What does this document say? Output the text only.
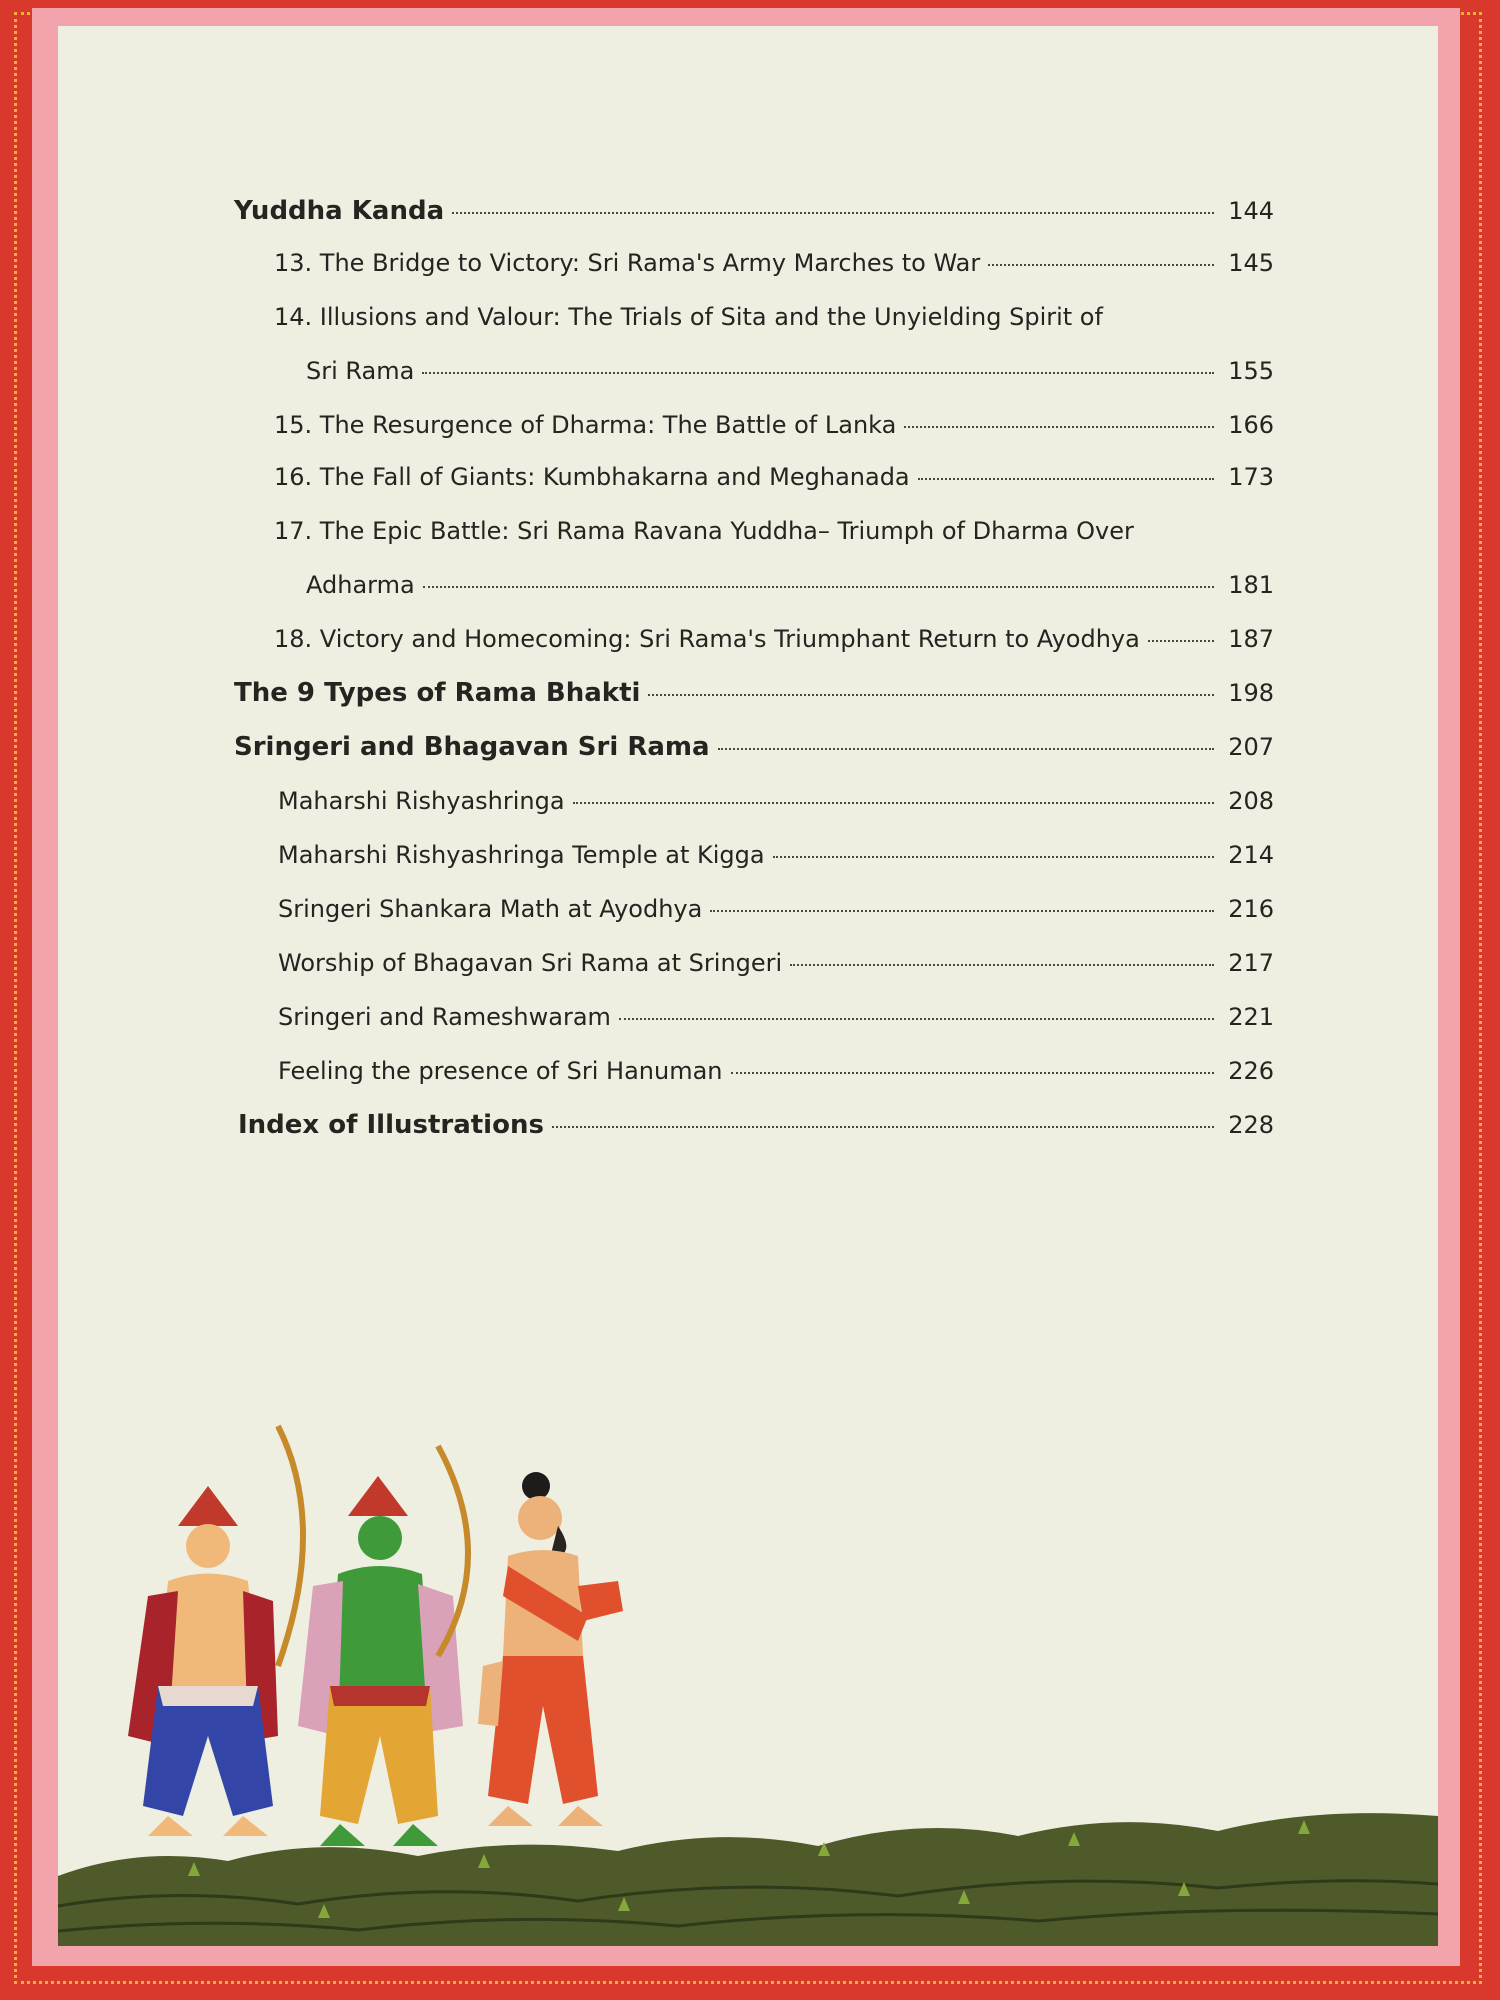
Yuddha Kanda	144
13. The Bridge to Victory: Sri Rama's Army Marches to War	145
14. Illusions and Valour: The Trials of Sita and the Unyielding Spirit of
Sri Rama	155
15. The Resurgence of Dharma: The Battle of Lanka	166
16. The Fall of Giants: Kumbhakarna and Meghanada	173
17. The Epic Battle: Sri Rama Ravana Yuddha– Triumph of Dharma Over
Adharma	181
18. Victory and Homecoming: Sri Rama's Triumphant Return to Ayodhya	187
The 9 Types of Rama Bhakti	198
Sringeri and Bhagavan Sri Rama	207
Maharshi Rishyashringa	208
Maharshi Rishyashringa Temple at Kigga	214
Sringeri Shankara Math at Ayodhya	216
Worship of Bhagavan Sri Rama at Sringeri	217
Sringeri and Rameshwaram	221
Feeling the presence of Sri Hanuman	226
Index of Illustrations	228
